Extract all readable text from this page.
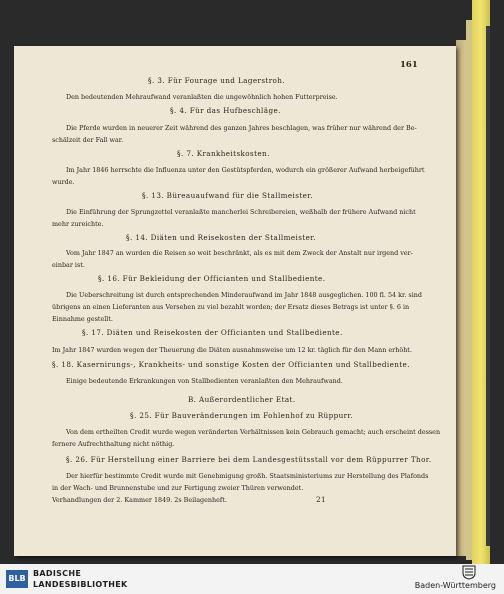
161
§. 3. Für Fourage und Lagerstroh.
Den bedeutenden Mehraufwand veranlaßten die ungewöhnlich hohen Futterpreise.
§. 4. Für das Hufbeschläge.
Die Pferde wurden in neuerer Zeit während des ganzen Jahres beschlagen, was früher nur während der Be-
schälzeit der Fall war.
§. 7. Krankheitskosten.
Im Jahr 1846 herrschte die Influenza unter den Gestütspferden, wodurch ein größerer Aufwand herbeigeführt
wurde.
§. 13. Büreauaufwand für die Stallmeister.
Die Einführung der Sprungzettel veranlaßte mancherlei Schreibereien, weßhalb der frühere Aufwand nicht
mehr zureichte.
§. 14. Diäten und Reisekosten der Stallmeister.
Vom Jahr 1847 an wurden die Reisen so weit beschränkt, als es mit dem Zweck der Anstalt nur irgend ver-
einbar ist.
§. 16. Für Bekleidung der Officianten und Stallbediente.
Die Ueberschreitung ist durch entsprechenden Minderaufwand im Jahr 1848 ausgeglichen. 100 fl. 54 kr. sind
übrigens an einen Lieferanten aus Versehen zu viel bezahlt worden; der Ersatz dieses Betrags ist unter §. 6 in
Einnahme gestellt.
§. 17. Diäten und Reisekosten der Officianten und Stallbediente.
Im Jahr 1847 wurden wegen der Theuerung die Diäten ausnahmsweise um 12 kr. täglich für den Mann erhöht.
§. 18. Kasernirungs-, Krankheits- und sonstige Kosten der Officianten und Stallbediente.
Einige bedeutende Erkrankungen von Stallbedienten veranlaßten den Mehraufwand.
B. Außerordentlicher Etat.
§. 25. Für Bauveränderungen im Fohlenhof zu Rüppurr.
Von dem ertheilten Credit wurde wegen veränderten Verhältnissen kein Gebrauch gemacht; auch erscheint dessen
fernere Aufrechthaltung nicht nöthig.
§. 26. Für Herstellung einer Barriere bei dem Landesgestütsstall vor dem Rüppurrer Thor.
Der hierfür bestimmte Credit wurde mit Genehmigung großh. Staatsministeriums zur Herstellung des Plafonds
in der Wach- und Brunnenstube und zur Fertigung zweier Thüren verwendet.
Verhandlungen der 2. Kammer 1849. 2s Beilagenheft.	21
BLB
BADISCHE
LANDESBIBLIOTHEK	Baden-Württemberg
